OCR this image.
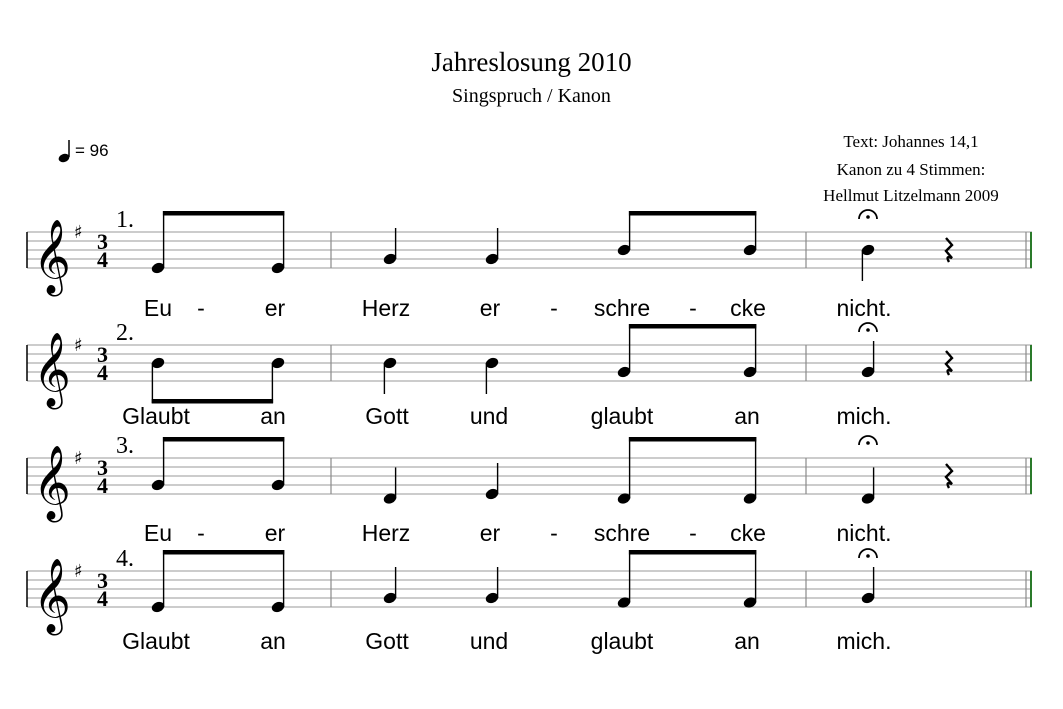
Jahreslosung 2010
Singspruch / Kanon
Text: Johannes 14,1
Kanon zu 4 Stimmen:
Hellmut Litzelmann 2009
= 96
𝄞 ♯ 3
4
1.
Eu -	er	Herz	er - schre - cke	nicht.
𝄞 ♯ 3
4
2.
Glaubt	an	Gott	und	glaubt	an	mich.
𝄞 ♯ 3
4
3.
Eu -	er	Herz	er - schre - cke	nicht.
𝄞 ♯ 3
4
4.
Glaubt	an	Gott	und	glaubt	an	mich.
